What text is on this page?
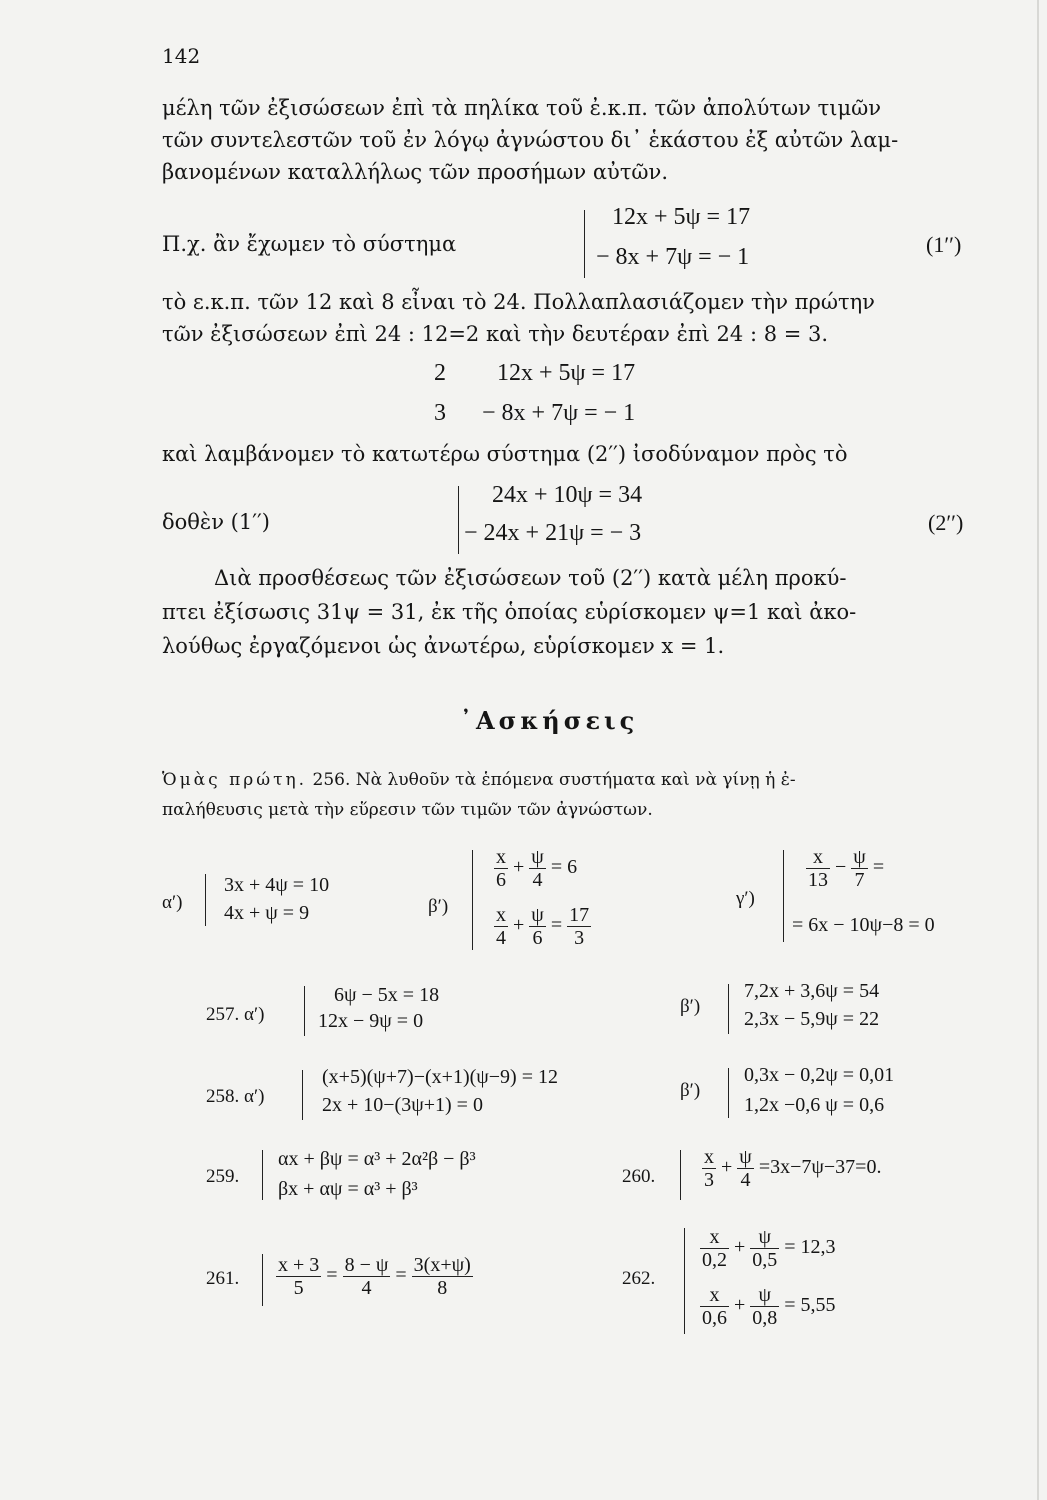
142
μέλη τῶν ἐξισώσεων ἐπὶ τὰ πηλίκα τοῦ ἐ.κ.π. τῶν ἀπολύτων τιμῶν
τῶν συντελεστῶν τοῦ ἐν λόγῳ ἀγνώστου δι᾽ ἑκάστου ἐξ αὐτῶν λαμ-
βανομένων καταλλήλως τῶν προσήμων αὐτῶν.
Π.χ. ἂν ἔχωμεν τὸ σύστημα
12x + 5ψ = 17
− 8x + 7ψ = − 1	(1′′)
τὸ ε.κ.π. τῶν 12 καὶ 8 εἶναι τὸ 24. Πολλαπλασιάζομεν τὴν πρώτην
τῶν ἐξισώσεων ἐπὶ 24 : 12=2 καὶ τὴν δευτέραν ἐπὶ 24 : 8 = 3.
2 12x + 5ψ = 17
3 − 8x + 7ψ = − 1
καὶ λαμβάνομεν τὸ κατωτέρω σύστημα (2′′) ἰσοδύναμον πρὸς τὸ
δοθὲν (1′′)
24x + 10ψ = 34
− 24x + 21ψ = − 3	(2′′)
Διὰ προσθέσεως τῶν ἐξισώσεων τοῦ (2′′) κατὰ μέλη προκύ-
πτει ἐξίσωσις 31ψ = 31, ἐκ τῆς ὁποίας εὑρίσκομεν ψ=1 καὶ ἀκο-
λούθως ἐργαζόμενοι ὡς ἀνωτέρω, εὑρίσκομεν x = 1.
᾽Ασκήσεις
Ὁμὰς πρώτη. 256. Νὰ λυθοῦν τὰ ἑπόμενα συστήματα καὶ νὰ γίνῃ ἡ ἐ-
παλήθευσις μετὰ τὴν εὕρεσιν τῶν τιμῶν τῶν ἀγνώστων.
α′)
3x + 4ψ = 10
4x + ψ = 9	β′)
$\frac{x}{6} + \frac{\psi}{4} = 6$
$\frac{x}{4} + \frac{\psi}{6} = \frac{17}{3}$
γ′)
$\frac{x}{13} - \frac{\psi}{7}$ =
= 6x − 10ψ−8 = 0
257. α′)
6ψ − 5x = 18
12x − 9ψ = 0
β′)
7,2x + 3,6ψ = 54
2,3x − 5,9ψ = 22
258. α′)
(x+5)(ψ+7)−(x+1)(ψ−9) = 12
2x + 10−(3ψ+1) = 0
β′)
0,3x − 0,2ψ = 0,01
1,2x −0,6 ψ = 0,6
259.
αx + βψ = α³ + 2α²β − β³
βx + αψ = α³ + β³
260. $\frac{x}{3} + \frac{\psi}{4} =3x-7\psi-37=0$.
261. $\frac{x + 3}{5} = \frac{8 - \psi}{4} = \frac{3(x+\psi)}{8}$	262.
$\frac{x}{0,2} + \frac{\psi}{0,5} = 12,3$
$\frac{x}{0,6} + \frac{\psi}{0,8} = 5,55$
